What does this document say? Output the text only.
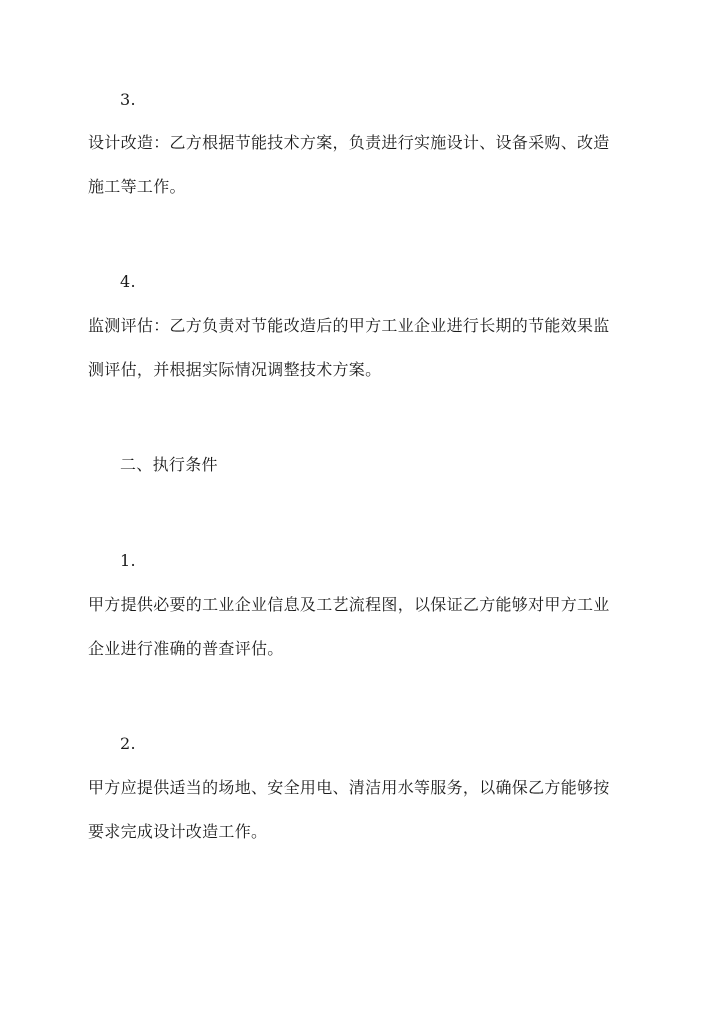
3.
设计改造：乙方根据节能技术方案，负责进行实施设计、设备采购、改造
施工等工作。
4.
监测评估：乙方负责对节能改造后的甲方工业企业进行长期的节能效果监
测评估，并根据实际情况调整技术方案。
二、执行条件
1.
甲方提供必要的工业企业信息及工艺流程图，以保证乙方能够对甲方工业
企业进行准确的普查评估。
2.
甲方应提供适当的场地、安全用电、清洁用水等服务，以确保乙方能够按
要求完成设计改造工作。
